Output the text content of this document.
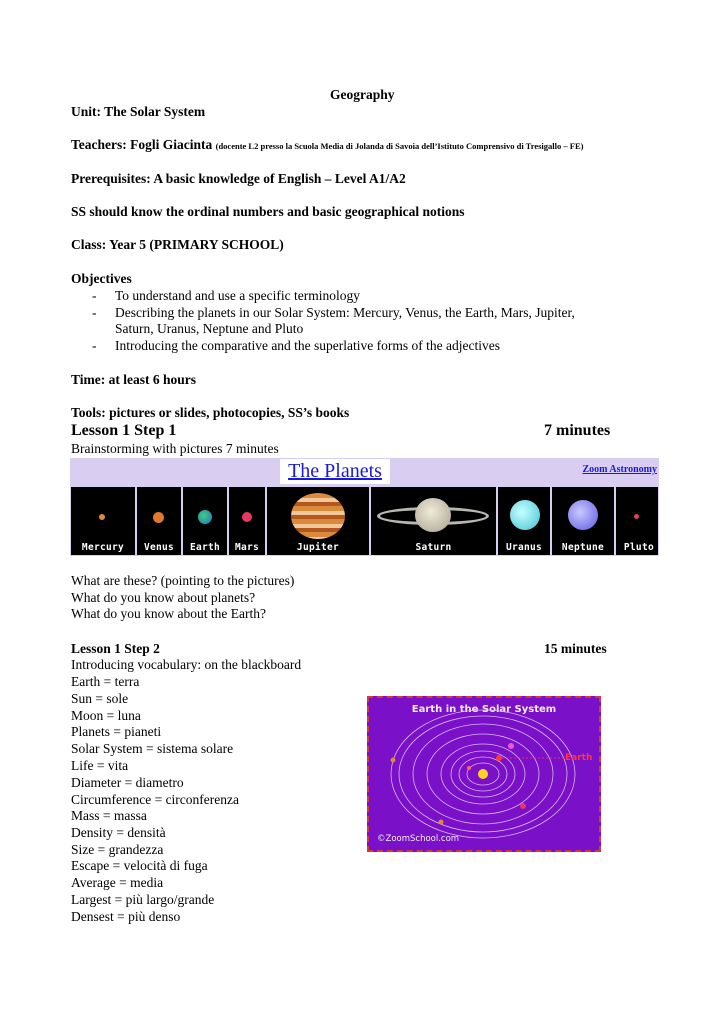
Geography
Unit: The Solar System
Teachers: Fogli Giacinta (docente L2 presso la Scuola Media di Jolanda di Savoia dell’Istituto Comprensivo di Tresigallo – FE)
Prerequisites: A basic knowledge of English – Level A1/A2
SS should know the ordinal numbers and basic geographical notions
Class: Year 5 (PRIMARY SCHOOL)
Objectives
- To understand and use a specific terminology
- Describing the planets in our Solar System: Mercury, Venus, the Earth, Mars, Jupiter,
Saturn, Uranus, Neptune and Pluto
- Introducing the comparative and the superlative forms of the adjectives
Time: at least 6 hours
Tools: pictures or slides, photocopies, SS’s books
Lesson 1 Step 1	7 minutes
Brainstorming with pictures 7 minutes
The Planets	Zoom Astronomy
Mercury	Venus	Earth	Mars	Jupiter	Saturn	Uranus	Neptune	Pluto
What are these? (pointing to the pictures)
What do you know about planets?
What do you know about the Earth?
Lesson 1 Step 2	15 minutes
Introducing vocabulary: on the blackboard
Earth = terra
Sun = sole
Moon = luna
Planets = pianeti
Solar System = sistema solare
Life = vita
Diameter = diametro
Circumference = circonferenza
Mass = massa
Density = densità
Size = grandezza
Escape = velocità di fuga
Average = media
Largest = più largo/grande
Densest = più denso
Earth in the Solar System
Earth
©ZoomSchool.com
